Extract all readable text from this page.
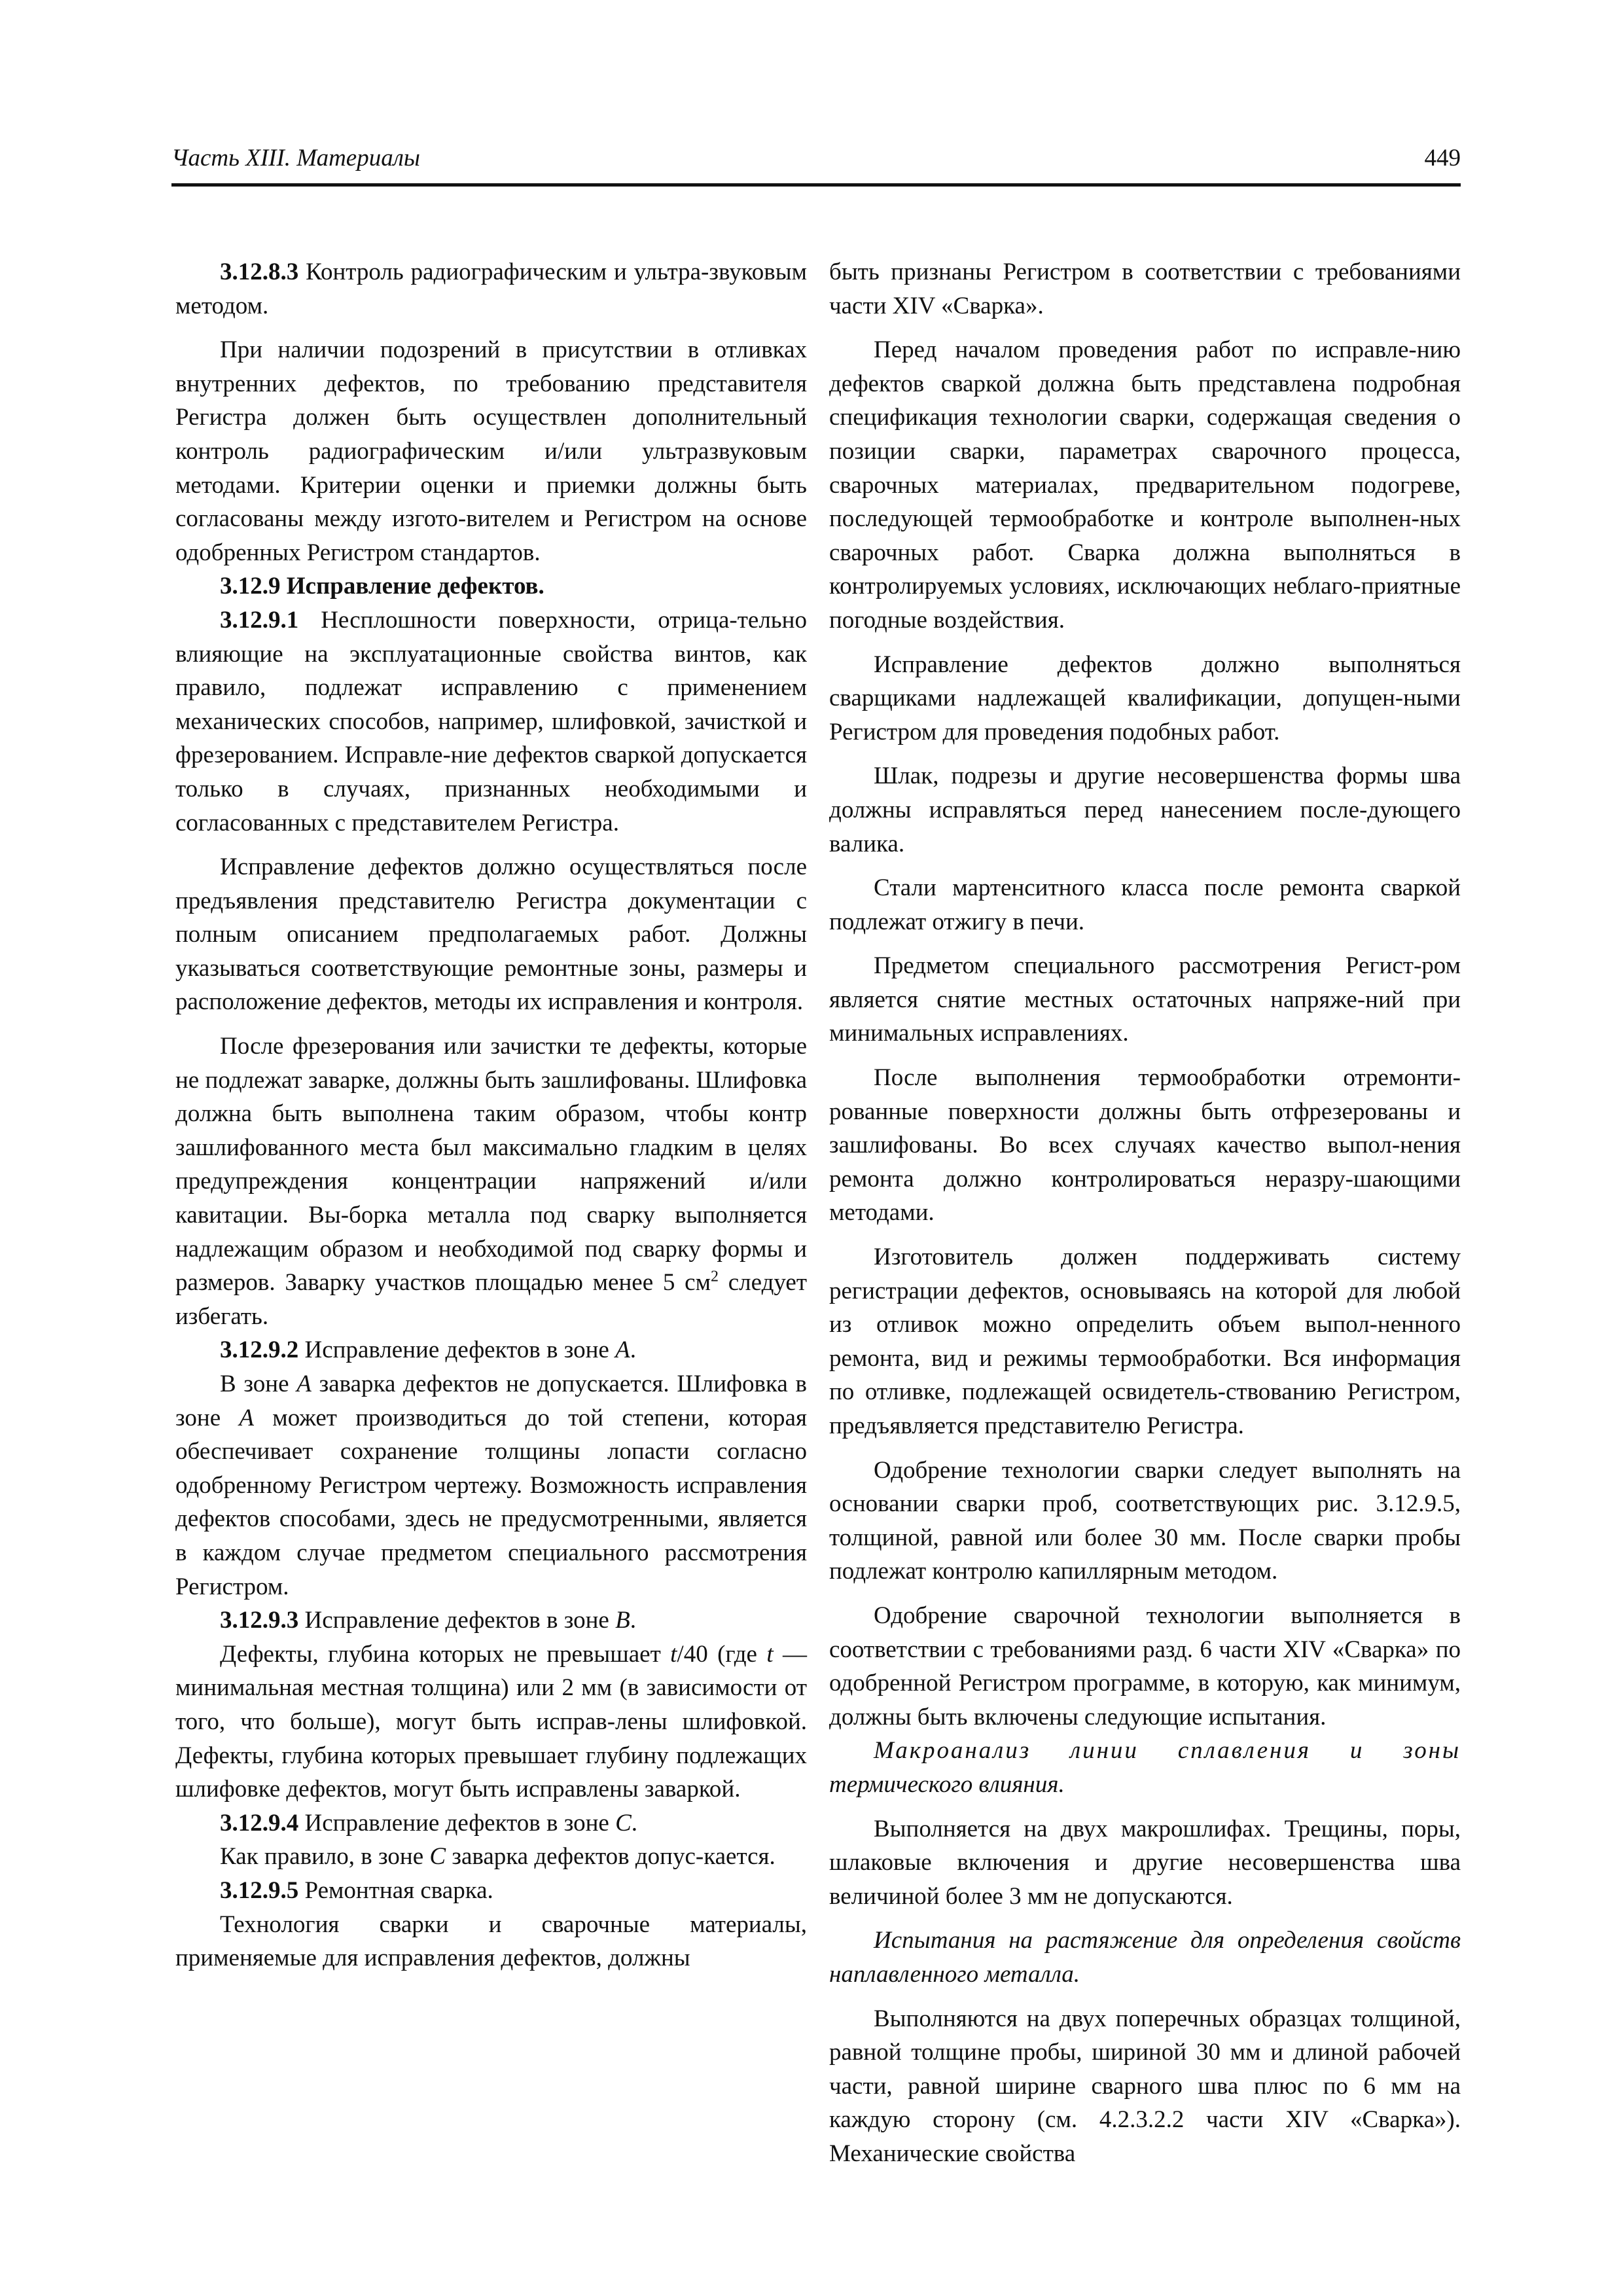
Часть XIII. Материалы	449

3.12.8.3 Контроль радиографическим и ультра-звуковым методом.

При наличии подозрений в присутствии в отливках внутренних дефектов, по требованию представителя Регистра должен быть осуществлен дополнительный контроль радиографическим и/или ультразвуковым методами. Критерии оценки и приемки должны быть согласованы между изгото-вителем и Регистром на основе одобренных Регистром стандартов.

3.12.9 Исправление дефектов.

3.12.9.1 Несплошности поверхности, отрица-тельно влияющие на эксплуатационные свойства винтов, как правило, подлежат исправлению с применением механических способов, например, шлифовкой, зачисткой и фрезерованием. Исправле-ние дефектов сваркой допускается только в случаях, признанных необходимыми и согласованных с представителем Регистра.

Исправление дефектов должно осуществляться после предъявления представителю Регистра документации с полным описанием предполагаемых работ. Должны указываться соответствующие ремонтные зоны, размеры и расположение дефектов, методы их исправления и контроля.

После фрезерования или зачистки те дефекты, которые не подлежат заварке, должны быть зашлифованы. Шлифовка должна быть выполнена таким образом, чтобы контр зашлифованного места был максимально гладким в целях предупреждения концентрации напряжений и/или кавитации. Вы-борка металла под сварку выполняется надлежащим образом и необходимой под сварку формы и размеров. Заварку участков площадью менее 5 $см^2$ следует избегать.

3.12.9.2 Исправление дефектов в зоне A.

В зоне A заварка дефектов не допускается. Шлифовка в зоне A может производиться до той степени, которая обеспечивает сохранение толщины лопасти согласно одобренному Регистром чертежу. Возможность исправления дефектов способами, здесь не предусмотренными, является в каждом случае предметом специального рассмотрения Регистром.

3.12.9.3 Исправление дефектов в зоне B.

Дефекты, глубина которых не превышает t/40 (где t — минимальная местная толщина) или 2 мм (в зависимости от того, что больше), могут быть исправ-лены шлифовкой. Дефекты, глубина которых превышает глубину подлежащих шлифовке дефектов, могут быть исправлены заваркой.

3.12.9.4 Исправление дефектов в зоне C.

Как правило, в зоне C заварка дефектов допус-кается.

3.12.9.5 Ремонтная сварка.

Технология сварки и сварочные материалы, применяемые для исправления дефектов, должны

быть признаны Регистром в соответствии с требованиями части XIV «Сварка».

Перед началом проведения работ по исправле-нию дефектов сваркой должна быть представлена подробная спецификация технологии сварки, содержащая сведения о позиции сварки, параметрах сварочного процесса, сварочных материалах, предварительном подогреве, последующей термообработке и контроле выполнен-ных сварочных работ. Сварка должна выполняться в контролируемых условиях, исключающих неблаго-приятные погодные воздействия.

Исправление дефектов должно выполняться сварщиками надлежащей квалификации, допущен-ными Регистром для проведения подобных работ.

Шлак, подрезы и другие несовершенства формы шва должны исправляться перед нанесением после-дующего валика.

Стали мартенситного класса после ремонта сваркой подлежат отжигу в печи.

Предметом специального рассмотрения Регист-ром является снятие местных остаточных напряже-ний при минимальных исправлениях.

После выполнения термообработки отремонти-рованные поверхности должны быть отфрезерованы и зашлифованы. Во всех случаях качество выпол-нения ремонта должно контролироваться неразру-шающими методами.

Изготовитель должен поддерживать систему регистрации дефектов, основываясь на которой для любой из отливок можно определить объем выпол-ненного ремонта, вид и режимы термообработки. Вся информация по отливке, подлежащей освидетель-ствованию Регистром, предъявляется представителю Регистра.

Одобрение технологии сварки следует выполнять на основании сварки проб, соответствующих рис. 3.12.9.5, толщиной, равной или более 30 мм. После сварки пробы подлежат контролю капиллярным методом.

Одобрение сварочной технологии выполняется в соответствии с требованиями разд. 6 части XIV «Сварка» по одобренной Регистром программе, в которую, как минимум, должны быть включены следующие испытания.

Макроанализ линии сплавления и зоны термического влияния.

Выполняется на двух макрошлифах. Трещины, поры, шлаковые включения и другие несовершенства шва величиной более 3 мм не допускаются.

Испытания на растяжение для определения свойств наплавленного металла.

Выполняются на двух поперечных образцах толщиной, равной толщине пробы, шириной 30 мм и длиной рабочей части, равной ширине сварного шва плюс по 6 мм на каждую сторону (см. 4.2.3.2.2 части XIV «Сварка»). Механические свойства
